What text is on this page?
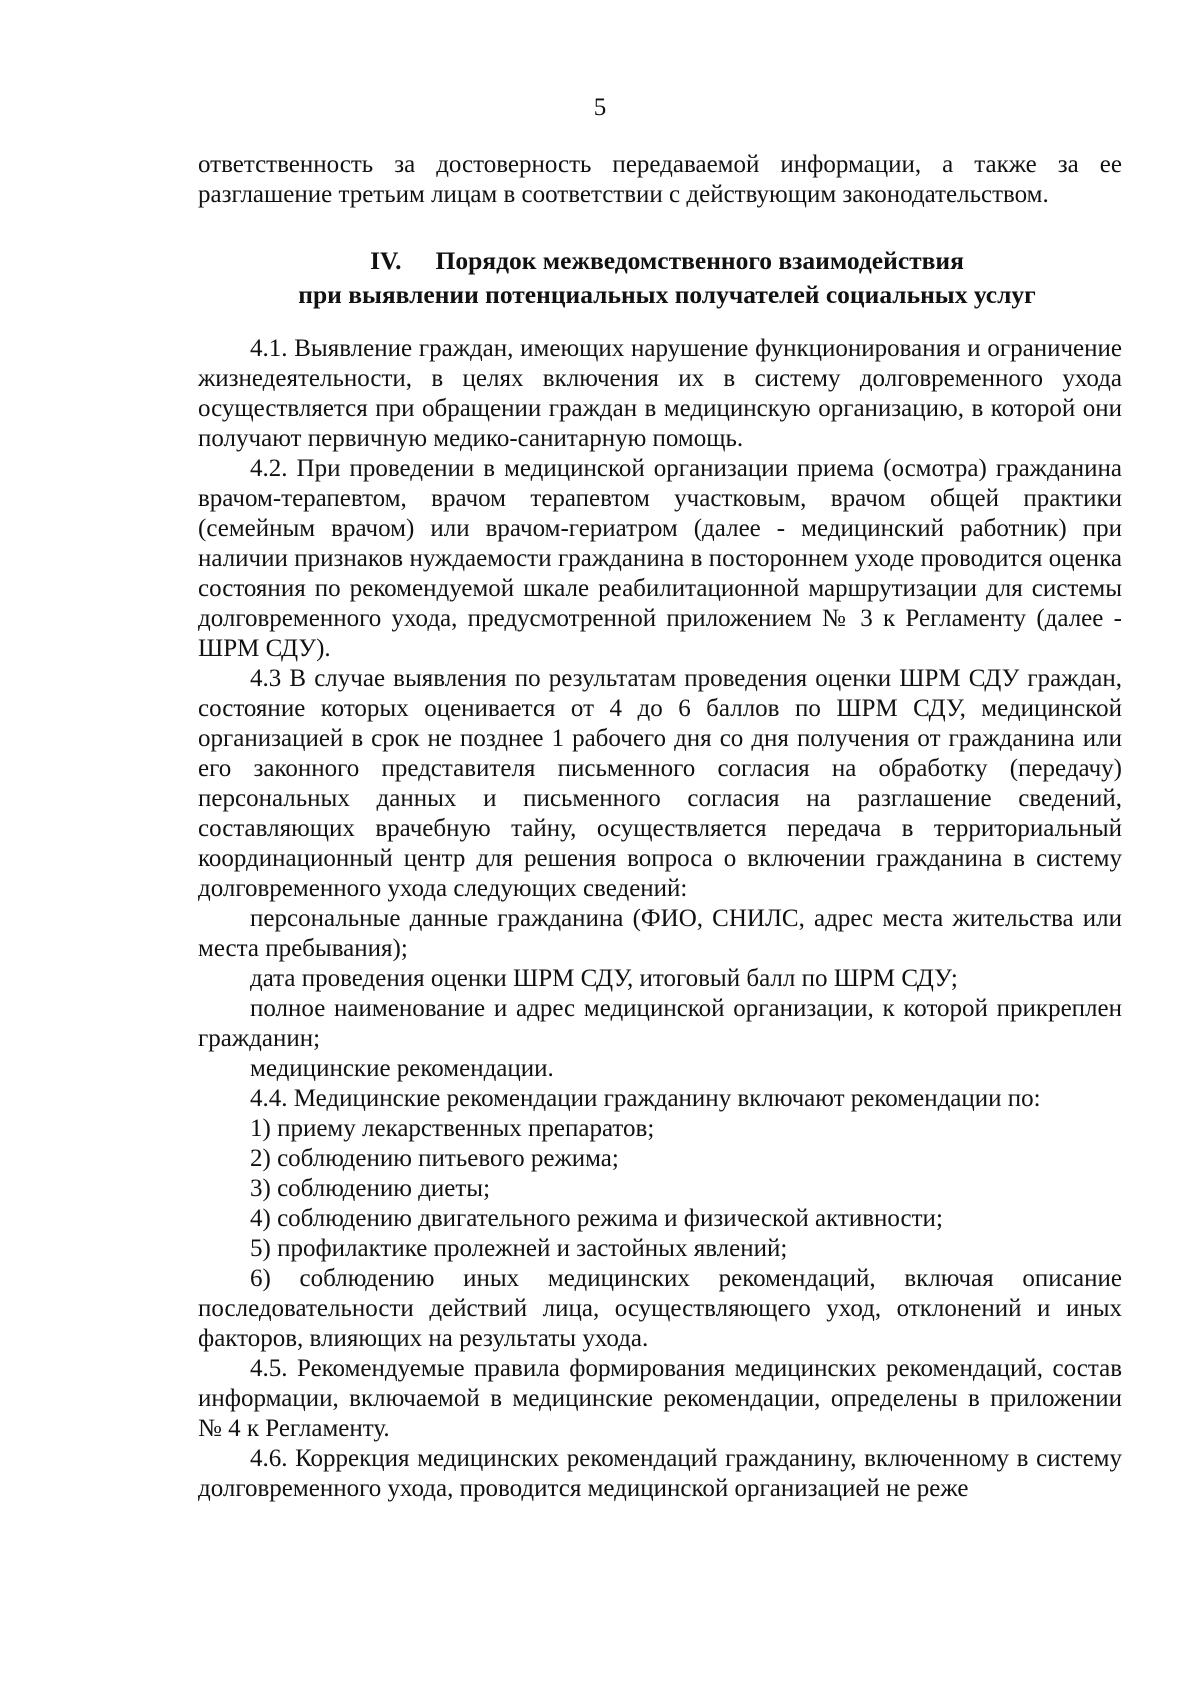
5

ответственность за достоверность передаваемой информации, а также за ее разглашение третьим лицам в соответствии с действующим законодательством.

IV. Порядок межведомственного взаимодействия
при выявлении потенциальных получателей социальных услуг

4.1. Выявление граждан, имеющих нарушение функционирования и ограничение жизнедеятельности, в целях включения их в систему долговременного ухода осуществляется при обращении граждан в медицинскую организацию, в которой они получают первичную медико-санитарную помощь.

4.2. При проведении в медицинской организации приема (осмотра) гражданина врачом-терапевтом, врачом терапевтом участковым, врачом общей практики (семейным врачом) или врачом-гериатром (далее - медицинский работник) при наличии признаков нуждаемости гражданина в постороннем уходе проводится оценка состояния по рекомендуемой шкале реабилитационной маршрутизации для системы долговременного ухода, предусмотренной приложением № 3 к Регламенту (далее - ШРМ СДУ).

4.3 В случае выявления по результатам проведения оценки ШРМ СДУ граждан, состояние которых оценивается от 4 до 6 баллов по ШРМ СДУ, медицинской организацией в срок не позднее 1 рабочего дня со дня получения от гражданина или его законного представителя письменного согласия на обработку (передачу) персональных данных и письменного согласия на разглашение сведений, составляющих врачебную тайну, осуществляется передача в территориальный координационный центр для решения вопроса о включении гражданина в систему долговременного ухода следующих сведений:

персональные данные гражданина (ФИО, СНИЛС, адрес места жительства или места пребывания);

дата проведения оценки ШРМ СДУ, итоговый балл по ШРМ СДУ;

полное наименование и адрес медицинской организации, к которой прикреплен гражданин;

медицинские рекомендации.

4.4. Медицинские рекомендации гражданину включают рекомендации по:

1) приему лекарственных препаратов;

2) соблюдению питьевого режима;

3) соблюдению диеты;

4) соблюдению двигательного режима и физической активности;

5) профилактике пролежней и застойных явлений;

6) соблюдению иных медицинских рекомендаций, включая описание последовательности действий лица, осуществляющего уход, отклонений и иных факторов, влияющих на результаты ухода.

4.5. Рекомендуемые правила формирования медицинских рекомендаций, состав информации, включаемой в медицинские рекомендации, определены в приложении № 4 к Регламенту.

4.6. Коррекция медицинских рекомендаций гражданину, включенному в систему долговременного ухода, проводится медицинской организацией не реже
